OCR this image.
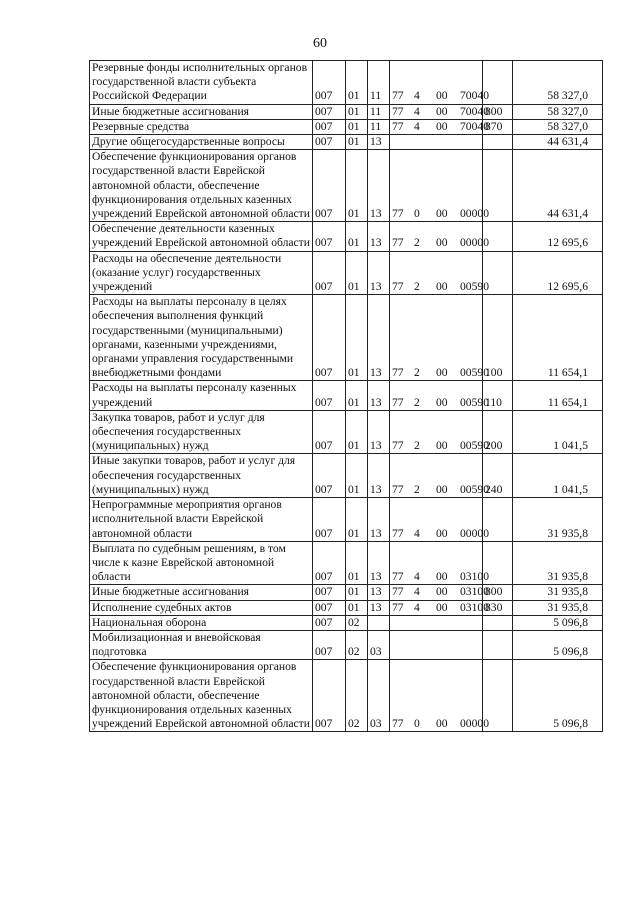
60
Резервные фонды исполнительных органов государственной власти субъекта Российской Федерации	007	01	11	77 4 00 70040		58 327,0
Иные бюджетные ассигнования	007	01	11	77 4 00 70040	800	58 327,0
Резервные средства	007	01	11	77 4 00 70040	870	58 327,0
Другие общегосударственные вопросы	007	01	13			44 631,4
Обеспечение функционирования органов государственной власти Еврейской автономной области, обеспечение функционирования отдельных казенных учреждений Еврейской автономной области	007	01	13	77 0 00 00000		44 631,4
Обеспечение деятельности казенных учреждений Еврейской автономной области	007	01	13	77 2 00 00000		12 695,6
Расходы на обеспечение деятельности (оказание услуг) государственных учреждений	007	01	13	77 2 00 00590		12 695,6
Расходы на выплаты персоналу в целях обеспечения выполнения функций государственными (муниципальными) органами, казенными учреждениями, органами управления государственными внебюджетными фондами	007	01	13	77 2 00 00590	100	11 654,1
Расходы на выплаты персоналу казенных учреждений	007	01	13	77 2 00 00590	110	11 654,1
Закупка товаров, работ и услуг для обеспечения государственных (муниципальных) нужд	007	01	13	77 2 00 00590	200	1 041,5
Иные закупки товаров, работ и услуг для обеспечения государственных (муниципальных) нужд	007	01	13	77 2 00 00590	240	1 041,5
Непрограммные мероприятия органов исполнительной власти Еврейской автономной области	007	01	13	77 4 00 00000		31 935,8
Выплата по судебным решениям, в том числе к казне Еврейской автономной области	007	01	13	77 4 00 03100		31 935,8
Иные бюджетные ассигнования	007	01	13	77 4 00 03100	800	31 935,8
Исполнение судебных актов	007	01	13	77 4 00 03100	830	31 935,8
Национальная оборона	007	02				5 096,8
Мобилизационная и вневойсковая подготовка	007	02	03			5 096,8
Обеспечение функционирования органов государственной власти Еврейской автономной области, обеспечение функционирования отдельных казенных учреждений Еврейской автономной области	007	02	03	77 0 00 00000		5 096,8
